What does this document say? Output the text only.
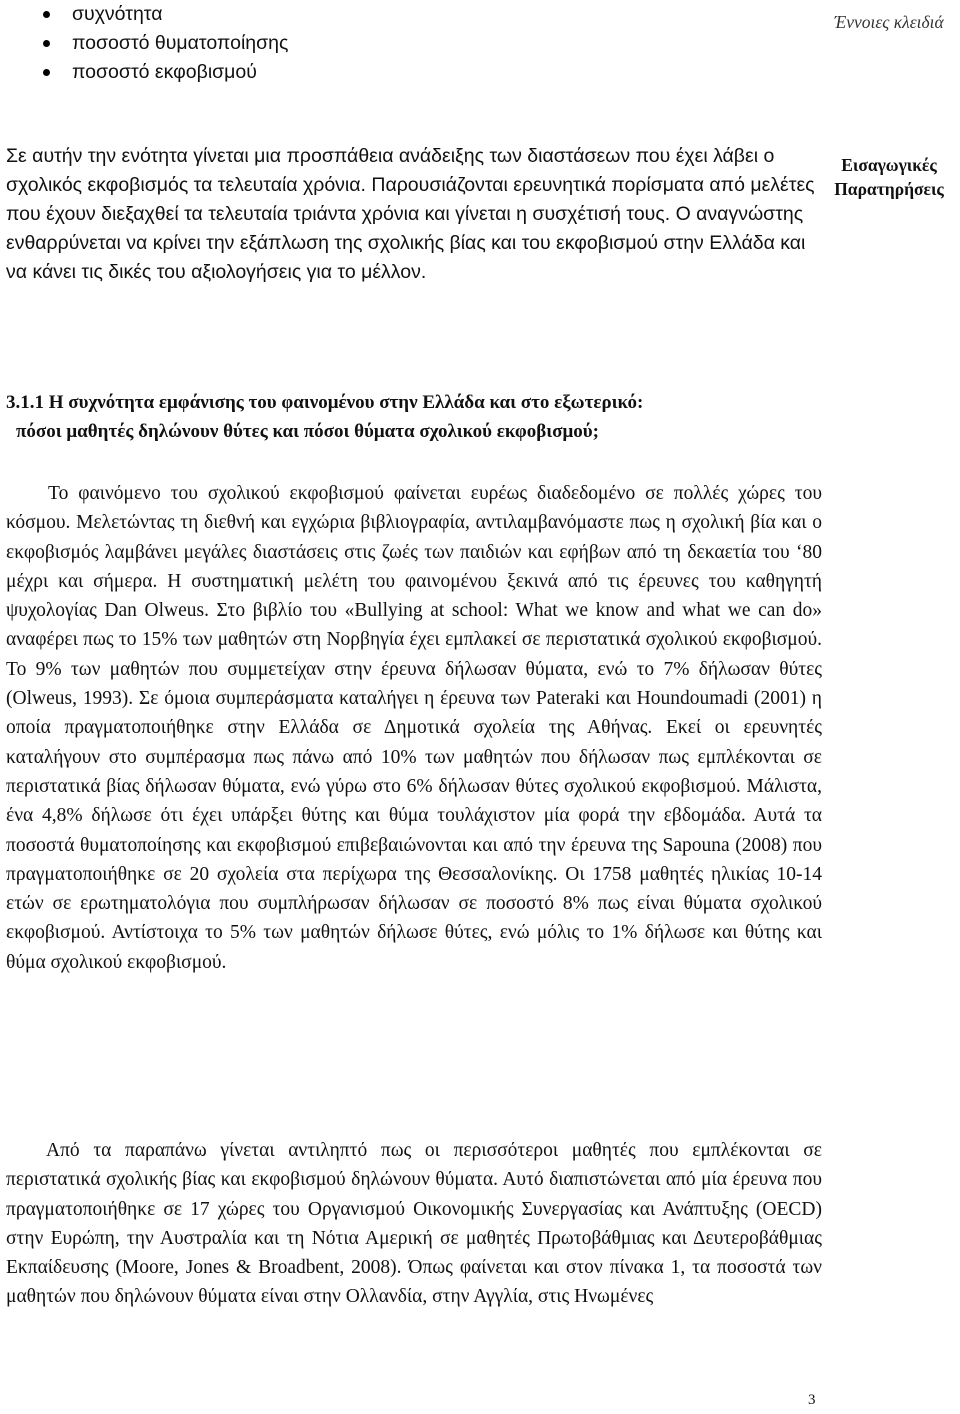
συχνότητα
ποσοστό θυματοποίησης
ποσοστό εκφοβισμού
Έννοιες κλειδιά

Σε αυτήν την ενότητα γίνεται μια προσπάθεια ανάδειξης των διαστάσεων που έχει λάβει ο σχολικός εκφοβισμός τα τελευταία χρόνια. Παρουσιάζονται ερευνητικά πορίσματα από μελέτες που έχουν διεξαχθεί τα τελευταία τριάντα χρόνια και γίνεται η συσχέτισή τους. Ο αναγνώστης ενθαρρύνεται να κρίνει την εξάπλωση της σχολικής βίας και του εκφοβισμού στην Ελλάδα και να κάνει τις δικές του αξιολογήσεις για το μέλλον.

Εισαγωγικές Παρατηρήσεις
3.1.1 Η συχνότητα εμφάνισης του φαινομένου στην Ελλάδα και στο εξωτερικό:
πόσοι μαθητές δηλώνουν θύτες και πόσοι θύματα σχολικού εκφοβισμού;

Το φαινόμενο του σχολικού εκφοβισμού φαίνεται ευρέως διαδεδομένο σε πολλές χώρες του κόσμου. Μελετώντας τη διεθνή και εγχώρια βιβλιογραφία, αντιλαμβανόμαστε πως η σχολική βία και ο εκφοβισμός λαμβάνει μεγάλες διαστάσεις στις ζωές των παιδιών και εφήβων από τη δεκαετία του ‘80 μέχρι και σήμερα. Η συστηματική μελέτη του φαινομένου ξεκινά από τις έρευνες του καθηγητή ψυχολογίας Dan Olweus. Στο βιβλίο του «Bullying at school: What we know and what we can do» αναφέρει πως το 15% των μαθητών στη Νορβηγία έχει εμπλακεί σε περιστατικά σχολικού εκφοβισμού. Το 9% των μαθητών που συμμετείχαν στην έρευνα δήλωσαν θύματα, ενώ το 7% δήλωσαν θύτες (Olweus, 1993). Σε όμοια συμπεράσματα καταλήγει η έρευνα των Pateraki και Houndoumadi (2001) η οποία πραγματοποιήθηκε στην Ελλάδα σε Δημοτικά σχολεία της Αθήνας. Εκεί οι ερευνητές καταλήγουν στο συμπέρασμα πως πάνω από 10% των μαθητών που δήλωσαν πως εμπλέκονται σε περιστατικά βίας δήλωσαν θύματα, ενώ γύρω στο 6% δήλωσαν θύτες σχολικού εκφοβισμού. Μάλιστα, ένα 4,8% δήλωσε ότι έχει υπάρξει θύτης και θύμα τουλάχιστον μία φορά την εβδομάδα. Αυτά τα ποσοστά θυματοποίησης και εκφοβισμού επιβεβαιώνονται και από την έρευνα της Sapouna (2008) που πραγματοποιήθηκε σε 20 σχολεία στα περίχωρα της Θεσσαλονίκης. Οι 1758 μαθητές ηλικίας 10-14 ετών σε ερωτηματολόγια που συμπλήρωσαν δήλωσαν σε ποσοστό 8% πως είναι θύματα σχολικού εκφοβισμού. Αντίστοιχα το 5% των μαθητών δήλωσε θύτες, ενώ μόλις το 1% δήλωσε και θύτης και θύμα σχολικού εκφοβισμού.

Από τα παραπάνω γίνεται αντιληπτό πως οι περισσότεροι μαθητές που εμπλέκονται σε περιστατικά σχολικής βίας και εκφοβισμού δηλώνουν θύματα. Αυτό διαπιστώνεται από μία έρευνα που πραγματοποιήθηκε σε 17 χώρες του Οργανισμού Οικονομικής Συνεργασίας και Ανάπτυξης (OECD) στην Ευρώπη, την Αυστραλία και τη Νότια Αμερική σε μαθητές Πρωτοβάθμιας και Δευτεροβάθμιας Εκπαίδευσης (Moore, Jones & Broadbent, 2008). Όπως φαίνεται και στον πίνακα 1, τα ποσοστά των μαθητών που δηλώνουν θύματα είναι στην Ολλανδία, στην Αγγλία, στις Ηνωμένες

3
